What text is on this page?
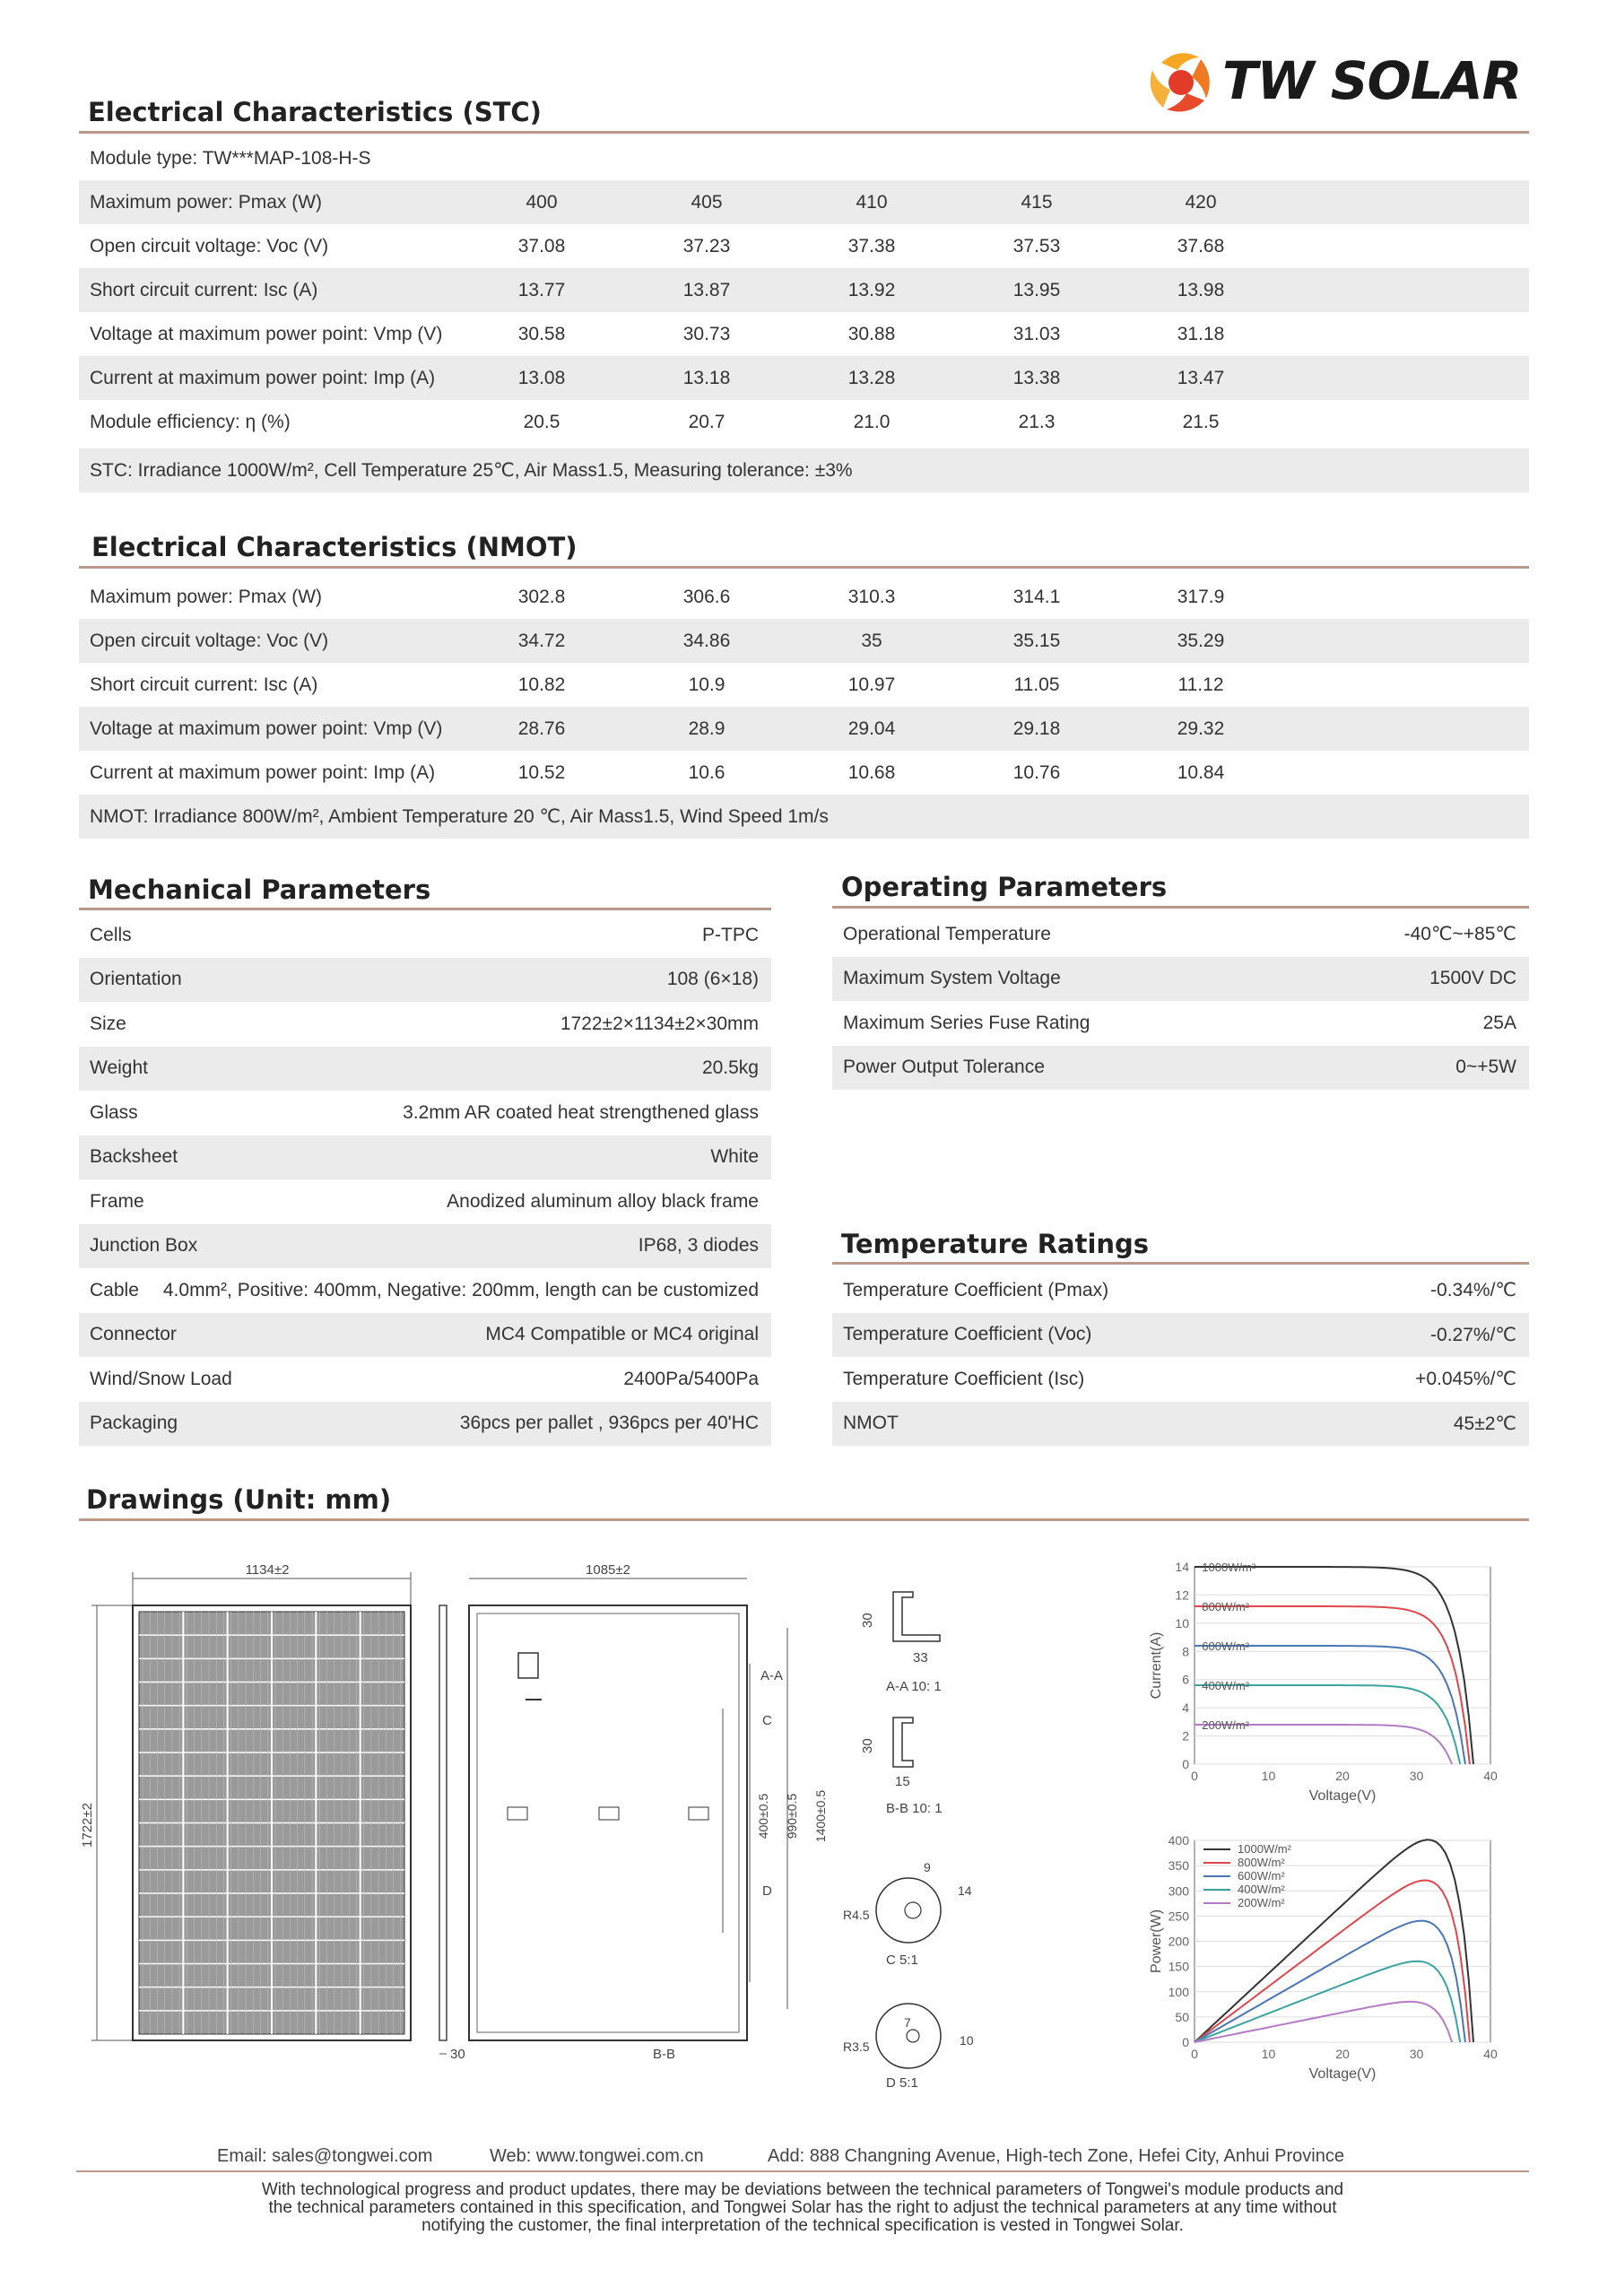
TW SOLAR
Electrical Characteristics (STC)
Module type: TW***MAP-108-H-S
Maximum power: Pmax (W)	400	405	410	415	420
Open circuit voltage: Voc (V)	37.08	37.23	37.38	37.53	37.68
Short circuit current: Isc (A)	13.77	13.87	13.92	13.95	13.98
Voltage at maximum power point: Vmp (V)	30.58	30.73	30.88	31.03	31.18
Current at maximum power point: Imp (A)	13.08	13.18	13.28	13.38	13.47
Module efficiency: η (%)	20.5	20.7	21.0	21.3	21.5
STC: Irradiance 1000W/m², Cell Temperature 25℃, Air Mass1.5, Measuring tolerance: ±3%
Electrical Characteristics (NMOT)
Maximum power: Pmax (W)	302.8	306.6	310.3	314.1	317.9
Open circuit voltage: Voc (V)	34.72	34.86	35	35.15	35.29
Short circuit current: Isc (A)	10.82	10.9	10.97	11.05	11.12
Voltage at maximum power point: Vmp (V)	28.76	28.9	29.04	29.18	29.32
Current at maximum power point: Imp (A)	10.52	10.6	10.68	10.76	10.84
NMOT: Irradiance 800W/m², Ambient Temperature 20 ℃, Air Mass1.5, Wind Speed 1m/s
Mechanical Parameters
Cells	P-TPC
Orientation	108 (6×18)
Size	1722±2×1134±2×30mm
Weight	20.5kg
Glass	3.2mm AR coated heat strengthened glass
Backsheet	White
Frame	Anodized aluminum alloy black frame
Junction Box	IP68, 3 diodes
Cable 4.0mm², Positive: 400mm, Negative: 200mm, length can be customized
Connector	MC4 Compatible or MC4 original
Wind/Snow Load	2400Pa/5400Pa
Packaging	36pcs per pallet , 936pcs per 40'HC
Operating Parameters
Operational Temperature	-40℃~+85℃
Maximum System Voltage	1500V DC
Maximum Series Fuse Rating	25A
Power Output Tolerance	0~+5W
Temperature Ratings
Temperature Coefficient (Pmax)	-0.34%/℃
Temperature Coefficient (Voc)	-0.27%/℃
Temperature Coefficient (Isc)	+0.045%/℃
NMOT	45±2℃
Drawings (Unit: mm)
1134±2
1722±2
30
1085±2
400±0.5 990±0.5 1400±0.5
A-A
C
D
B-B
30
33
A-A 10: 1
30
15
B-B 10: 1
9
14
R4.5
C 5:1
7
10
R3.5
D 5:1
0
2
4
6
8
10
12
14
0	10	20	30	40
Voltage(V)
Current(A)
1000W/m²
800W/m²
600W/m²
400W/m²
200W/m²
0
50
100
150
200
250
300
350
400
0	10	20	30	40
Voltage(V)
Power(W)
1000W/m²
800W/m²
600W/m²
400W/m²
200W/m²
Email: sales@tongwei.com	Web: www.tongwei.com.cn	Add: 888 Changning Avenue, High-tech Zone, Hefei City, Anhui Province
With technological progress and product updates, there may be deviations between the technical parameters of Tongwei's module products and
the technical parameters contained in this specification, and Tongwei Solar has the right to adjust the technical parameters at any time without
notifying the customer, the final interpretation of the technical specification is vested in Tongwei Solar.
